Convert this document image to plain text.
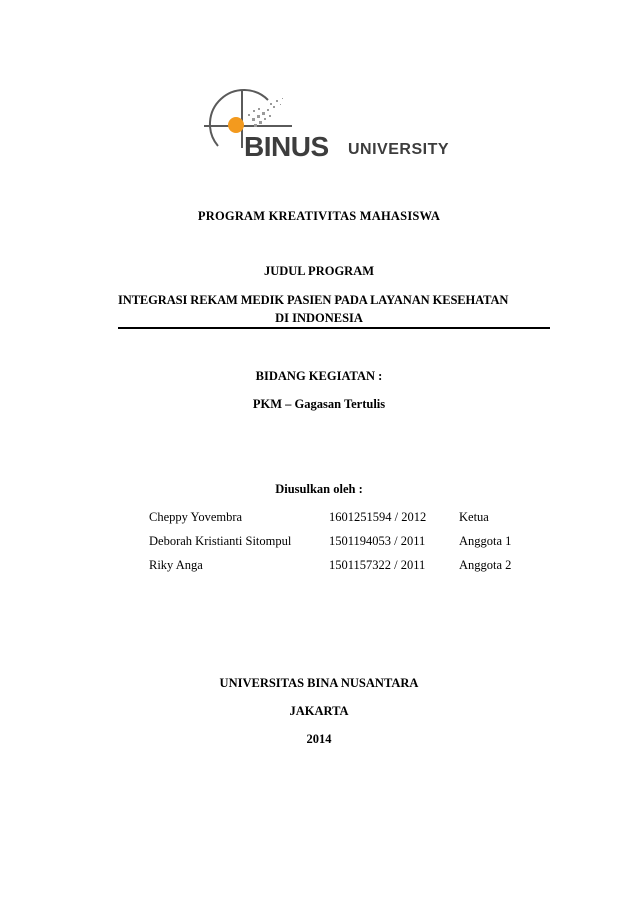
BINUS UNIVERSITY
PROGRAM KREATIVITAS MAHASISWA
JUDUL PROGRAM
INTEGRASI REKAM MEDIK PASIEN PADA LAYANAN KESEHATAN
DI INDONESIA
BIDANG KEGIATAN :
PKM – Gagasan Tertulis
Diusulkan oleh :
Cheppy Yovembra	1601251594 / 2012	Ketua
Deborah Kristianti Sitompul	1501194053 / 2011	Anggota 1
Riky Anga	1501157322 / 2011	Anggota 2
UNIVERSITAS BINA NUSANTARA
JAKARTA
2014
